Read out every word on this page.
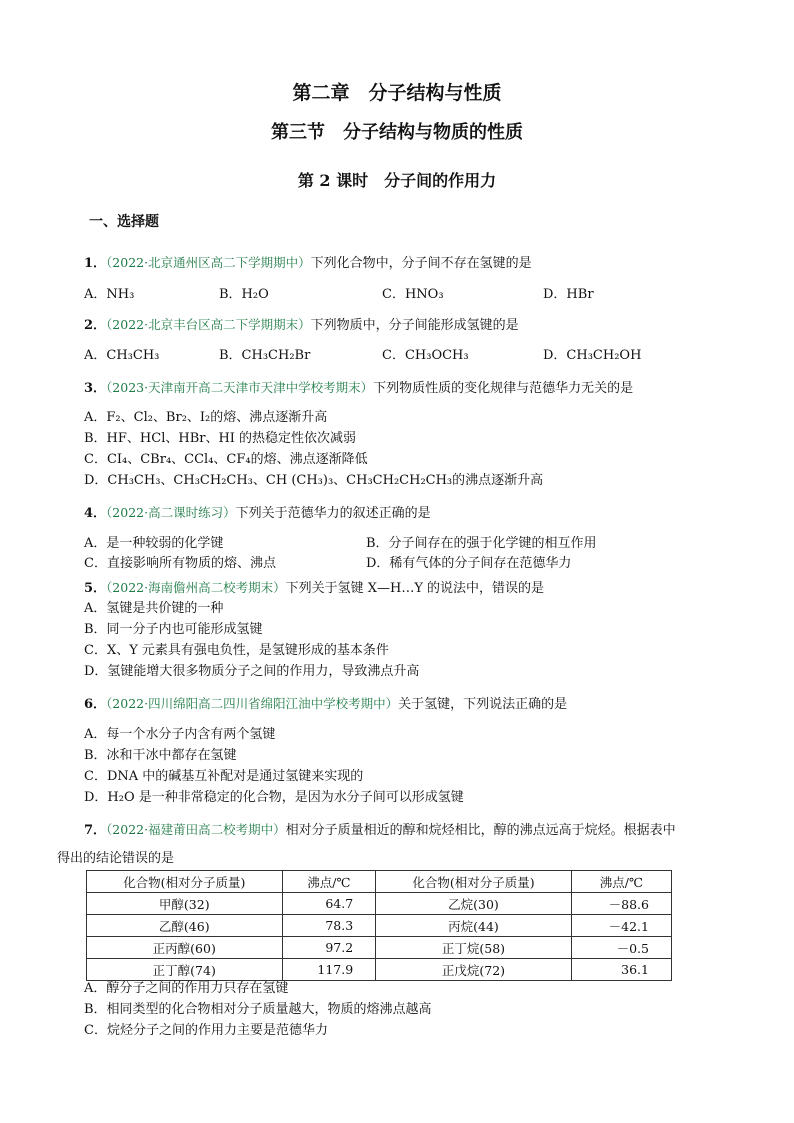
第二章　分子结构与性质
第三节　分子结构与物质的性质
第 2 课时　分子间的作用力
一、选择题
1．（2022·北京通州区高二下学期期中）下列化合物中，分子间不存在氢键的是
A．NH₃	B．H₂O	C．HNO₃	D．HBr
2．（2022·北京丰台区高二下学期期末）下列物质中，分子间能形成氢键的是
A．CH₃CH₃	B．CH₃CH₂Br	C．CH₃OCH₃	D．CH₃CH₂OH
3．（2023·天津南开高二天津市天津中学校考期末）下列物质性质的变化规律与范德华力无关的是
A．F₂、Cl₂、Br₂、I₂的熔、沸点逐渐升高
B．HF、HCl、HBr、HI 的热稳定性依次减弱
C．CI₄、CBr₄、CCl₄、CF₄的熔、沸点逐渐降低
D．CH₃CH₃、CH₃CH₂CH₃、CH (CH₃)₃、CH₃CH₂CH₂CH₃的沸点逐渐升高
4．（2022·高二课时练习）下列关于范德华力的叙述正确的是
A．是一种较弱的化学键	B．分子间存在的强于化学键的相互作用
C．直接影响所有物质的熔、沸点	D．稀有气体的分子间存在范德华力
5．（2022·海南儋州高二校考期末）下列关于氢键 X—H…Y 的说法中，错误的是
A．氢键是共价键的一种
B．同一分子内也可能形成氢键
C．X、Y 元素具有强电负性，是氢键形成的基本条件
D．氢键能增大很多物质分子之间的作用力，导致沸点升高
6．（2022·四川绵阳高二四川省绵阳江油中学校考期中）关于氢键，下列说法正确的是
A．每一个水分子内含有两个氢键
B．冰和干冰中都存在氢键
C．DNA 中的碱基互补配对是通过氢键来实现的
D．H₂O 是一种非常稳定的化合物，是因为水分子间可以形成氢键
7．（2022·福建莆田高二校考期中）相对分子质量相近的醇和烷烃相比，醇的沸点远高于烷烃。根据表中
得出的结论错误的是
化合物(相对分子质量)	沸点/℃	化合物(相对分子质量)	沸点/℃
甲醇(32)	64.7	乙烷(30)	－88.6
乙醇(46)	78.3	丙烷(44)	－42.1
正丙醇(60)	97.2	正丁烷(58)	－0.5
正丁醇(74)	117.9	正戊烷(72)	36.1
A．醇分子之间的作用力只存在氢键
B．相同类型的化合物相对分子质量越大，物质的熔沸点越高
C．烷烃分子之间的作用力主要是范德华力
